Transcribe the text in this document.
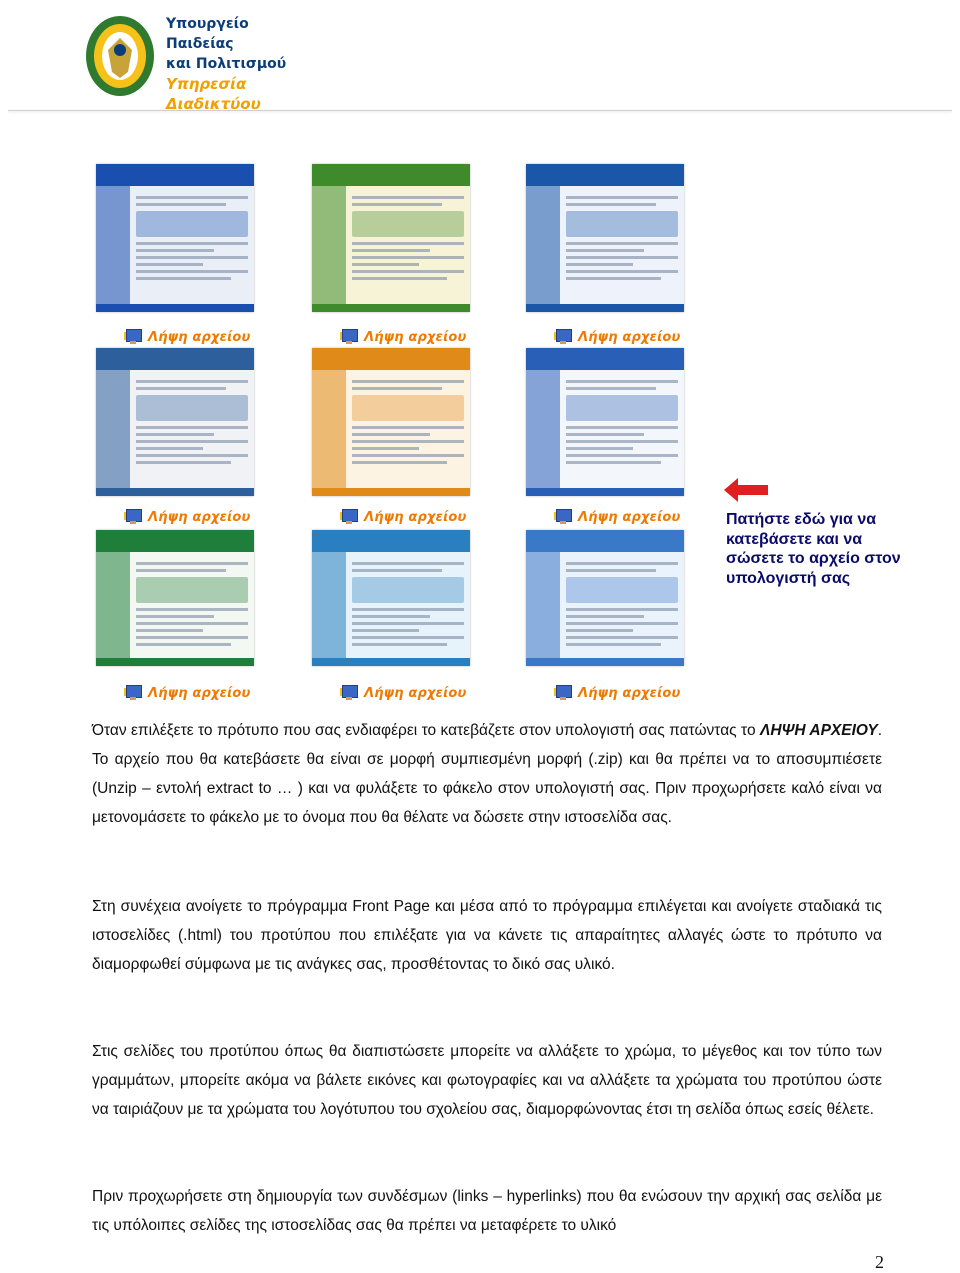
Υπουργείο Παιδείας
και Πολιτισμού
Υπηρεσία
Διαδικτύου
Λήψη αρχείου	Λήψη αρχείου	Λήψη αρχείου
Λήψη αρχείου	Λήψη αρχείου	Λήψη αρχείου
Λήψη αρχείου	Λήψη αρχείου	Λήψη αρχείου
Πατήστε εδώ για να κατεβάσετε και να σώσετε το αρχείο στον υπολογιστή σας
Όταν επιλέξετε το πρότυπο που σας ενδιαφέρει το κατεβάζετε στον υπολογιστή σας πατώντας το ΛΗΨΗ ΑΡΧΕΙΟΥ. Το αρχείο που θα κατεβάσετε θα είναι σε μορφή συμπιεσμένη μορφή (.zip) και θα πρέπει να το αποσυμπιέσετε (Unzip – εντολή extract to … ) και να φυλάξετε το φάκελο στον υπολογιστή σας. Πριν προχωρήσετε καλό είναι να μετονομάσετε το φάκελο με το όνομα που θα θέλατε να δώσετε στην ιστοσελίδα σας.
Στη συνέχεια ανοίγετε το πρόγραμμα Front Page και μέσα από το πρόγραμμα επιλέγεται και ανοίγετε σταδιακά τις ιστοσελίδες (.html) του προτύπου που επιλέξατε για να κάνετε τις απαραίτητες αλλαγές ώστε το πρότυπο να διαμορφωθεί σύμφωνα με τις ανάγκες σας, προσθέτοντας το δικό σας υλικό.
Στις σελίδες του προτύπου όπως θα διαπιστώσετε μπορείτε να αλλάξετε το χρώμα, το μέγεθος και τον τύπο των γραμμάτων, μπορείτε ακόμα να βάλετε εικόνες και φωτογραφίες και να αλλάξετε τα χρώματα του προτύπου ώστε να ταιριάζουν με τα χρώματα του λογότυπου του σχολείου σας, διαμορφώνοντας έτσι τη σελίδα όπως εσείς θέλετε.
Πριν προχωρήσετε στη δημιουργία των συνδέσμων (links – hyperlinks) που θα ενώσουν την αρχική σας σελίδα με τις υπόλοιπες σελίδες της ιστοσελίδας σας θα πρέπει να μεταφέρετε το υλικό
2
